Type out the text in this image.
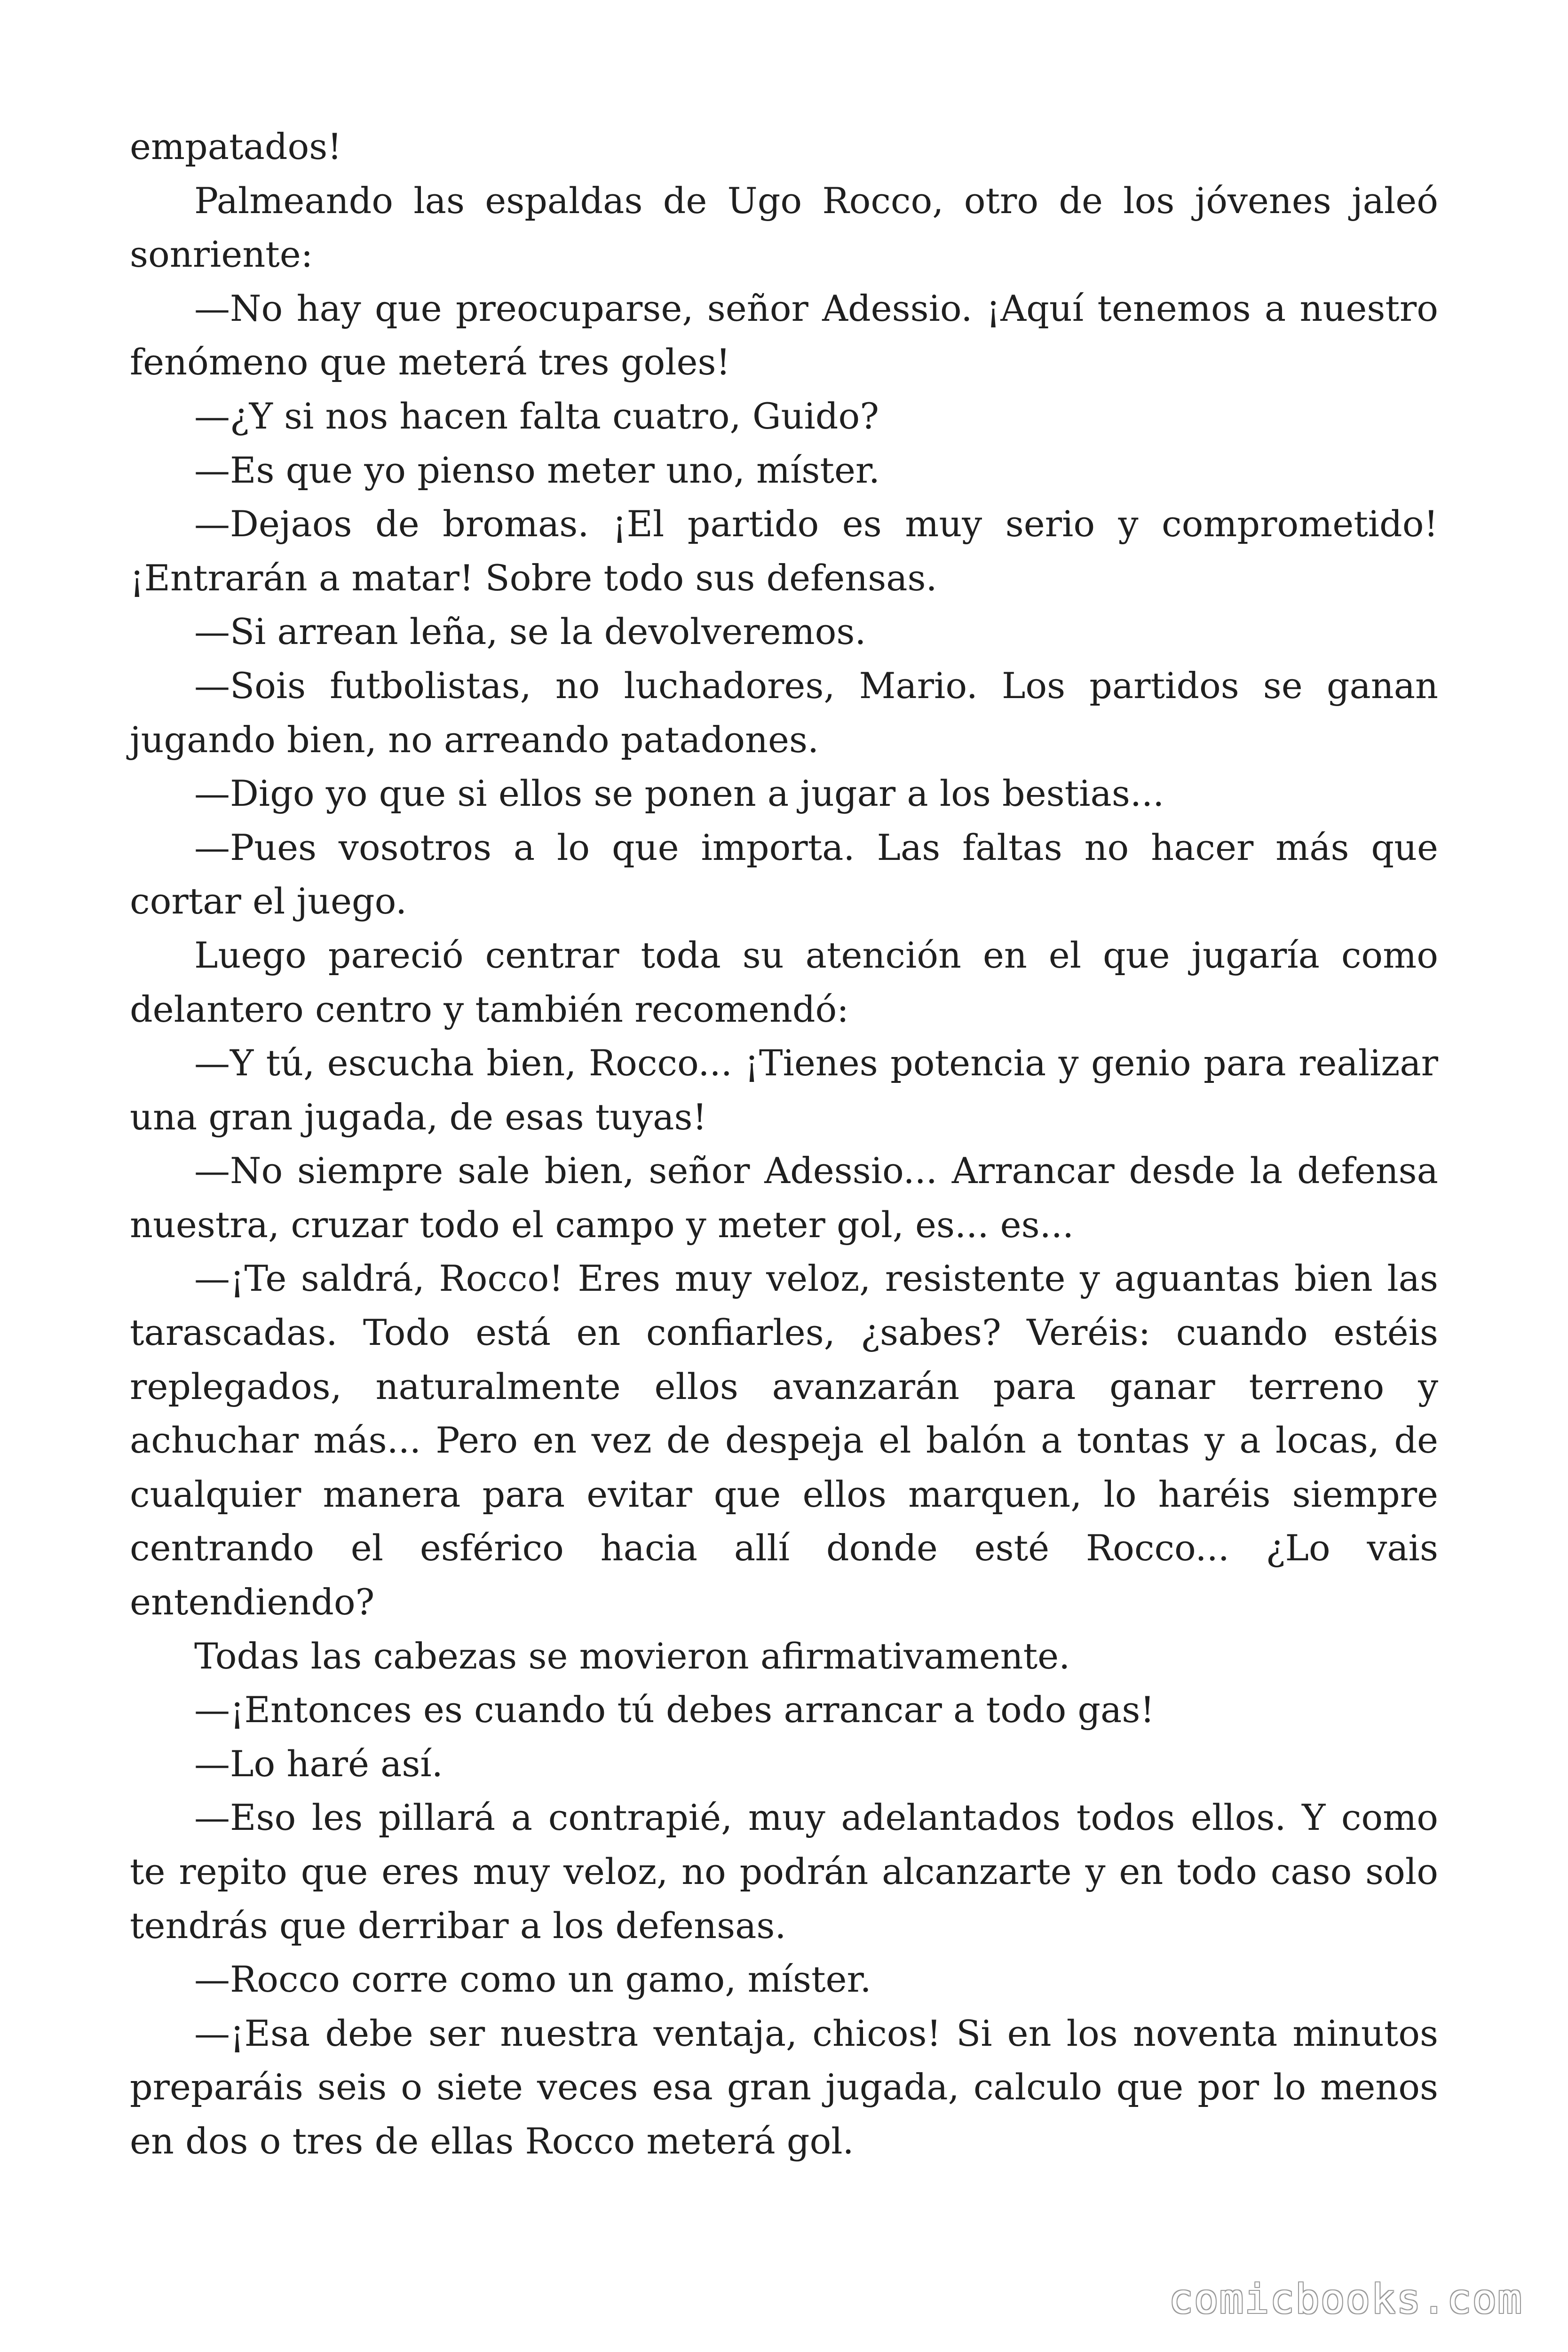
empatados!

Palmeando las espaldas de Ugo Rocco, otro de los jóvenes jaleó sonriente:

—No hay que preocuparse, señor Adessio. ¡Aquí tenemos a nuestro fenómeno que meterá tres goles!

—¿Y si nos hacen falta cuatro, Guido?

—Es que yo pienso meter uno, míster.

—Dejaos de bromas. ¡El partido es muy serio y comprometido! ¡Entrarán a matar! Sobre todo sus defensas.

—Si arrean leña, se la devolveremos.

—Sois futbolistas, no luchadores, Mario. Los partidos se ganan jugando bien, no arreando patadones.

—Digo yo que si ellos se ponen a jugar a los bestias...

—Pues vosotros a lo que importa. Las faltas no hacer más que cortar el juego.

Luego pareció centrar toda su atención en el que jugaría como delantero centro y también recomendó:

—Y tú, escucha bien, Rocco... ¡Tienes potencia y genio para realizar una gran jugada, de esas tuyas!

—No siempre sale bien, señor Adessio... Arrancar desde la defensa nuestra, cruzar todo el campo y meter gol, es... es...

—¡Te saldrá, Rocco! Eres muy veloz, resistente y aguantas bien las tarascadas. Todo está en confiarles, ¿sabes? Veréis: cuando estéis replegados, naturalmente ellos avanzarán para ganar terreno y achuchar más... Pero en vez de despeja el balón a tontas y a locas, de cualquier manera para evitar que ellos marquen, lo haréis siempre centrando el esférico hacia allí donde esté Rocco... ¿Lo vais entendiendo?

Todas las cabezas se movieron afirmativamente.

—¡Entonces es cuando tú debes arrancar a todo gas!

—Lo haré así.

—Eso les pillará a contrapié, muy adelantados todos ellos. Y como te repito que eres muy veloz, no podrán alcanzarte y en todo caso solo tendrás que derribar a los defensas.

—Rocco corre como un gamo, míster.

—¡Esa debe ser nuestra ventaja, chicos! Si en los noventa minutos preparáis seis o siete veces esa gran jugada, calculo que por lo menos en dos o tres de ellas Rocco meterá gol.

comicbooks.com
